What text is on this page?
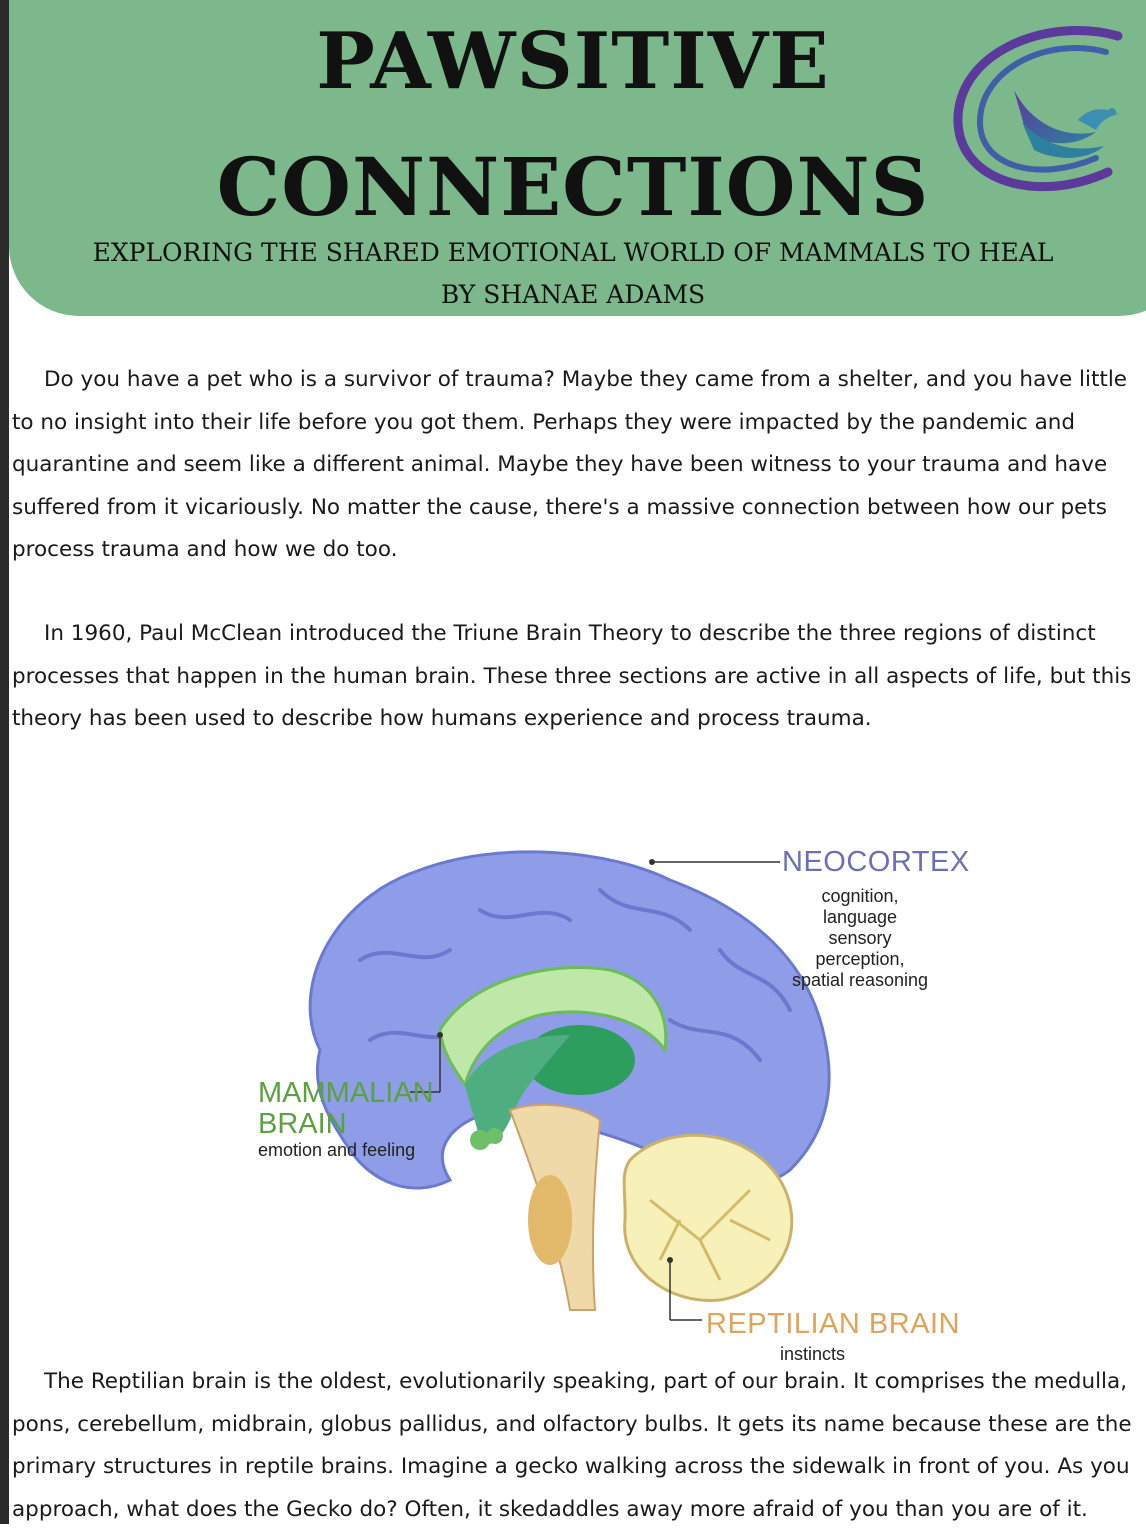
PAWSITIVE
CONNECTIONS

EXPLORING THE SHARED EMOTIONAL WORLD OF MAMMALS TO HEAL

BY SHANAE ADAMS

Do you have a pet who is a survivor of trauma? Maybe they came from a shelter, and you have little to no insight into their life before you got them. Perhaps they were impacted by the pandemic and quarantine and seem like a different animal. Maybe they have been witness to your trauma and have suffered from it vicariously. No matter the cause, there's a massive connection between how our pets process trauma and how we do too.

In 1960, Paul McClean introduced the Triune Brain Theory to describe the three regions of distinct processes that happen in the human brain. These three sections are active in all aspects of life, but this theory has been used to describe how humans experience and process trauma.

NEOCORTEX
cognition, language
sensory perception,
spatial reasoning
MAMMALIAN
BRAIN
emotion and feeling
REPTILIAN BRAIN
instincts

The Reptilian brain is the oldest, evolutionarily speaking, part of our brain. It comprises the medulla, pons, cerebellum, midbrain, globus pallidus, and olfactory bulbs. It gets its name because these are the primary structures in reptile brains. Imagine a gecko walking across the sidewalk in front of you. As you approach, what does the Gecko do? Often, it skedaddles away more afraid of you than you are of it.
